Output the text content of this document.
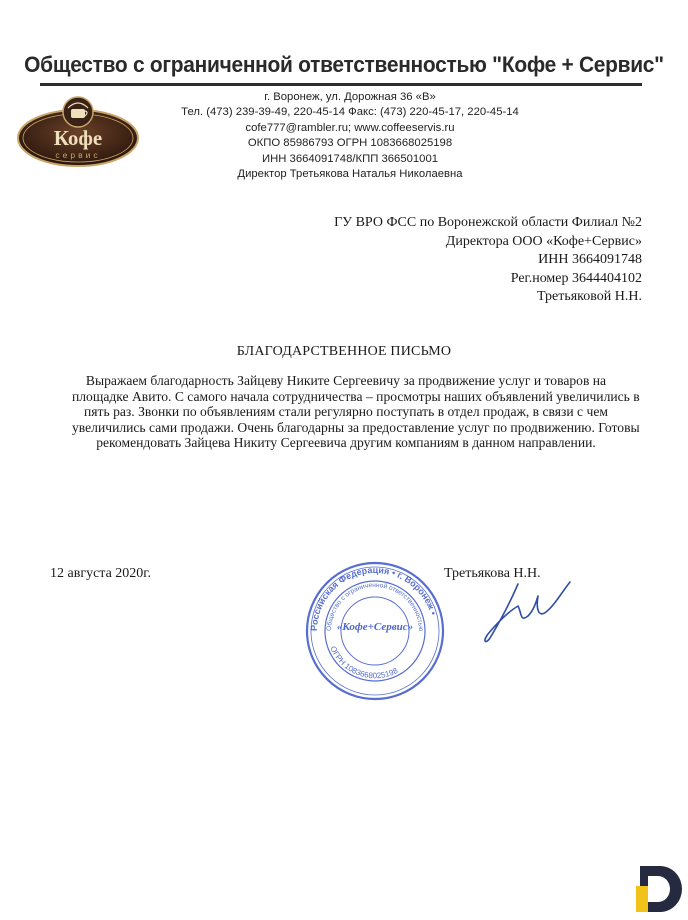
Общество с ограниченной ответственностью "Кофе + Сервис"
Кофе
сервис
г. Воронеж, ул. Дорожная 36 «В»
Тел. (473) 239-39-49, 220-45-14 Факс: (473) 220-45-17, 220-45-14
cofe777@rambler.ru; www.coffeeservis.ru
ОКПО 85986793 ОГРН 1083668025198
ИНН 3664091748/КПП 366501001
Директор Третьякова Наталья Николаевна
ГУ ВРО ФСС по Воронежской области Филиал №2
Директора ООО «Кофе+Сервис»
ИНН 3664091748
Рег.номер 3644404102
Третьяковой Н.Н.
БЛАГОДАРСТВЕННОЕ ПИСЬМО
Выражаем благодарность Зайцеву Никите Сергеевичу за продвижение услуг и товаров на
площадке Авито. С самого начала сотрудничества – просмотры наших объявлений увеличились в
пять раз. Звонки по объявлениям стали регулярно поступать в отдел продаж, в связи с чем
увеличились сами продажи. Очень благодарны за предоставление услуг по продвижению. Готовы
рекомендовать Зайцева Никиту Сергеевича другим компаниям в данном направлении.
12 августа 2020г.	Третьякова Н.Н.
Российская Федерация • г. Воронеж •
Общество с ограниченной ответственностью
ОГРН 1083668025198
«Кофе+Сервис»
